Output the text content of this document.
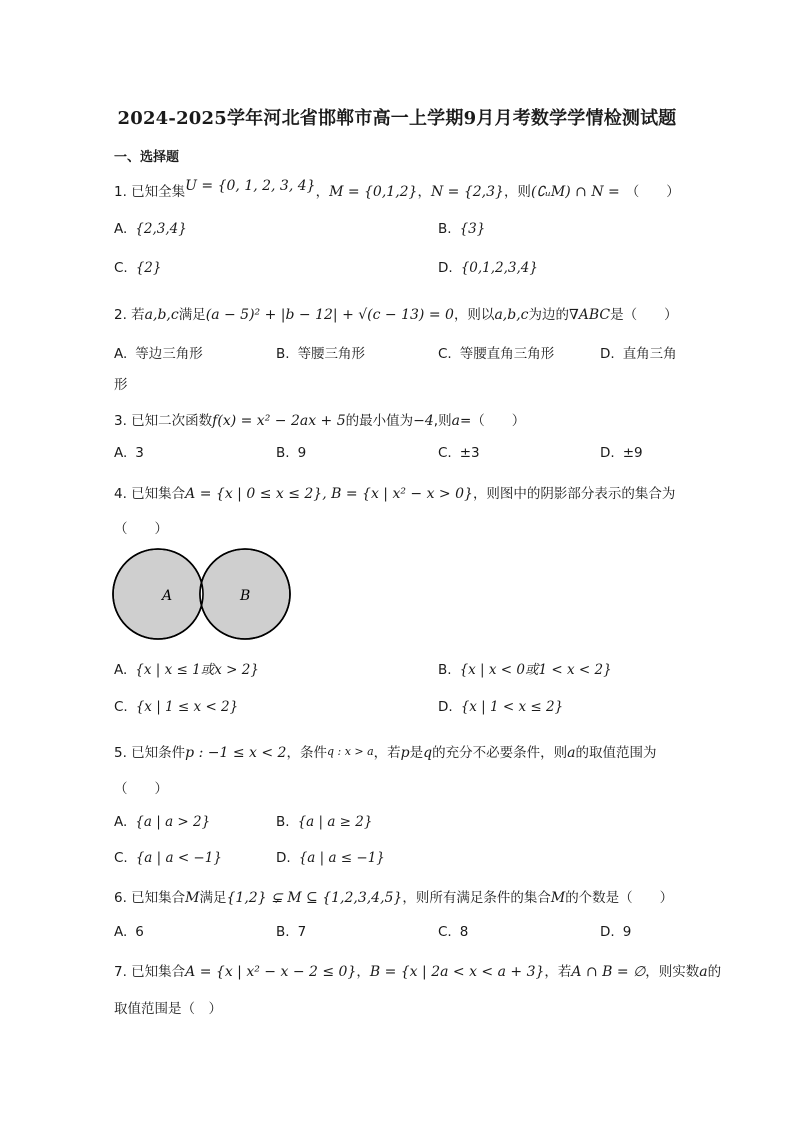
2024-2025学年河北省邯郸市高一上学期9月月考数学学情检测试题
一、选择题
1. 已知全集U = {0, 1, 2, 3, 4}，M = {0,1,2}，N = {2,3}，则(∁ᵤM) ∩ N = （　　）
A. {2,3,4}	B. {3}
C. {2}	D. {0,1,2,3,4}
2. 若a,b,c满足(a − 5)² + |b − 12| + √(c − 13) = 0，则以a,b,c为边的∇ABC是（　　）
A. 等边三角形	B. 等腰三角形	C. 等腰直角三角形	D. 直角三角
形
3. 已知二次函数f(x) = x² − 2ax + 5的最小值为−4,则a=（　　）
A. 3	B. 9	C. ±3	D. ±9
4. 已知集合A = {x | 0 ≤ x ≤ 2}, B = {x | x² − x > 0}，则图中的阴影部分表示的集合为
（　　）
A	B
A. {x | x ≤ 1或x > 2}	B. {x | x < 0或1 < x < 2}
C. {x | 1 ≤ x < 2}	D. {x | 1 < x ≤ 2}
5. 已知条件p : −1 ≤ x < 2，条件q : x > a，若p是q的充分不必要条件，则a的取值范围为
（　　）
A. {a | a > 2}	B. {a | a ≥ 2}
C. {a | a < −1}	D. {a | a ≤ −1}
6. 已知集合M满足{1,2} ⊊ M ⊆ {1,2,3,4,5}，则所有满足条件的集合M的个数是（　　）
A. 6	B. 7	C. 8	D. 9
7. 已知集合A = {x | x² − x − 2 ≤ 0}，B = {x | 2a < x < a + 3}，若A ∩ B = ∅，则实数a的
取值范围是（　）
